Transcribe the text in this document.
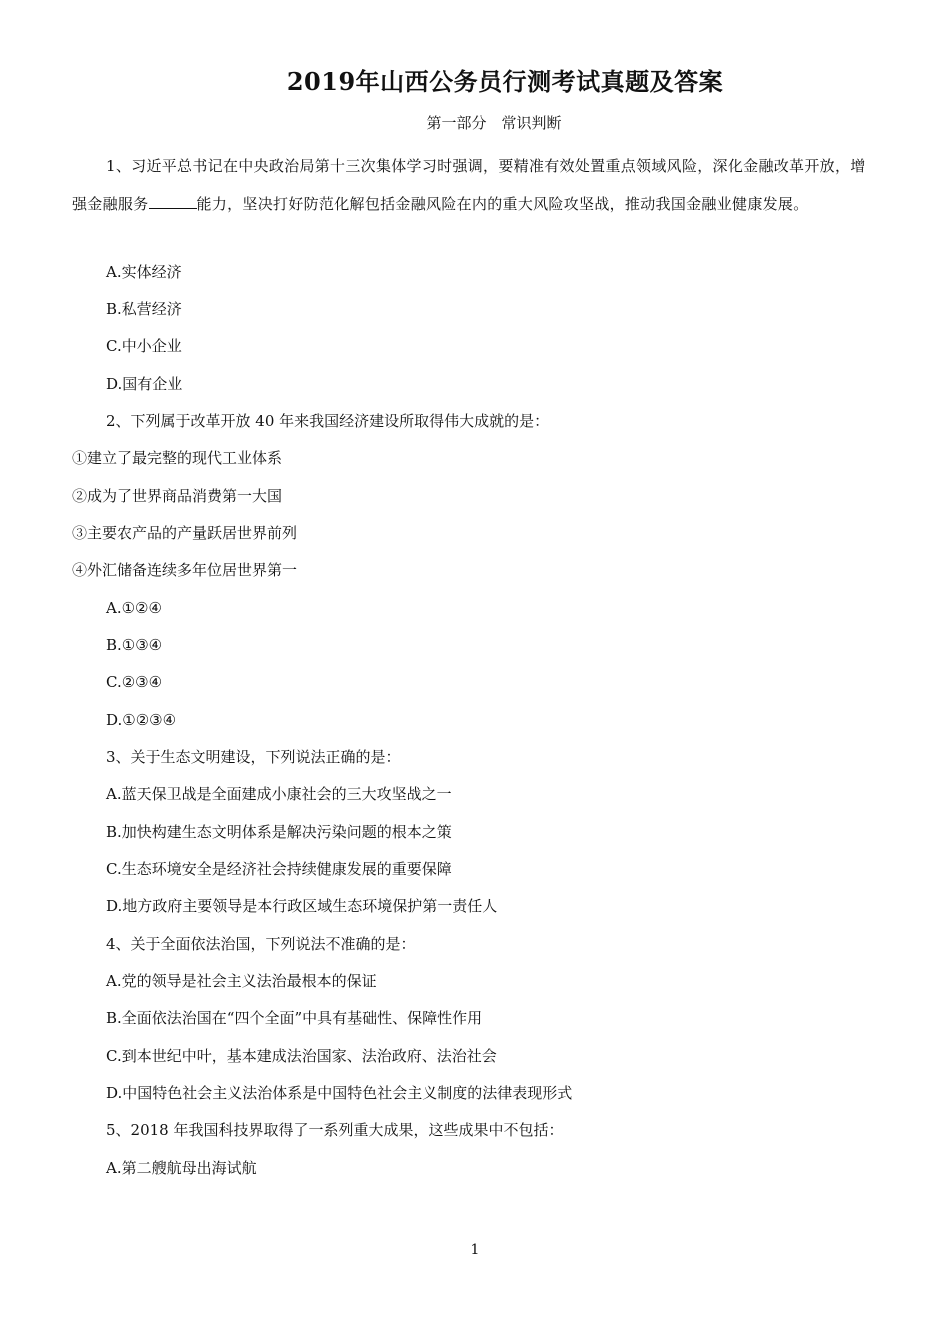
2019年山西公务员行测考试真题及答案
第一部分　常识判断
1、习近平总书记在中央政治局第十三次集体学习时强调，要精准有效处置重点领域风险，深化金融改革开放，增强金融服务	能力，坚决打好防范化解包括金融风险在内的重大风险攻坚战，推动我国金融业健康发展。
A.实体经济
B.私营经济
C.中小企业
D.国有企业
2、下列属于改革开放 40 年来我国经济建设所取得伟大成就的是：
①建立了最完整的现代工业体系
②成为了世界商品消费第一大国
③主要农产品的产量跃居世界前列
④外汇储备连续多年位居世界第一
A.①②④
B.①③④
C.②③④
D.①②③④
3、关于生态文明建设，下列说法正确的是：
A.蓝天保卫战是全面建成小康社会的三大攻坚战之一
B.加快构建生态文明体系是解决污染问题的根本之策
C.生态环境安全是经济社会持续健康发展的重要保障
D.地方政府主要领导是本行政区域生态环境保护第一责任人
4、关于全面依法治国，下列说法不准确的是：
A.党的领导是社会主义法治最根本的保证
B.全面依法治国在“四个全面”中具有基础性、保障性作用
C.到本世纪中叶，基本建成法治国家、法治政府、法治社会
D.中国特色社会主义法治体系是中国特色社会主义制度的法律表现形式
5、2018 年我国科技界取得了一系列重大成果，这些成果中不包括：
A.第二艘航母出海试航
1
